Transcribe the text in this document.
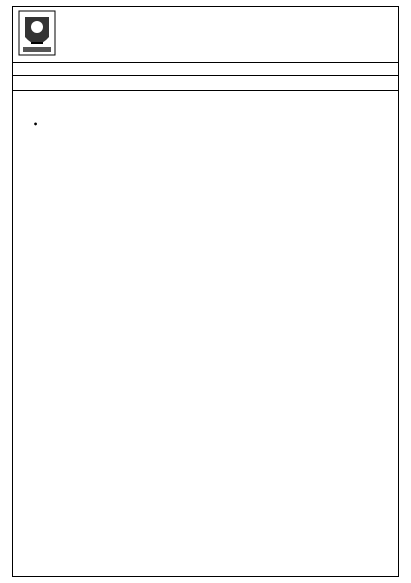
•
